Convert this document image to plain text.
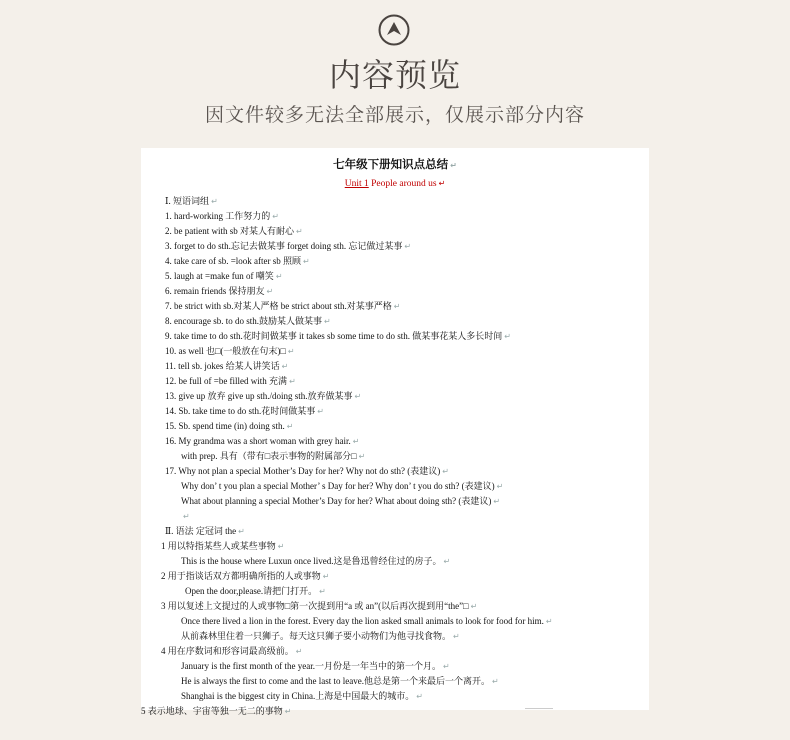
内容预览
因文件较多无法全部展示，仅展示部分内容
七年级下册知识点总结 ↵
Unit 1 People around us ↵
Ⅰ. 短语词组 ↵
1. hard-working 工作努力的 ↵
2. be patient with sb 对某人有耐心 ↵
3. forget to do sth.忘记去做某事 forget doing sth. 忘记做过某事 ↵
4. take care of sb. =look after sb 照顾 ↵
5. laugh at =make fun of 嘲笑 ↵
6. remain friends 保持朋友 ↵
7. be strict with sb.对某人严格 be strict about sth.对某事严格 ↵
8. encourage sb. to do sth.鼓励某人做某事 ↵
9. take time to do sth.花时间做某事 it takes sb some time to do sth. 做某事花某人多长时间 ↵
10. as well 也□(一般放在句末)□ ↵
11. tell sb. jokes 给某人讲笑话 ↵
12. be full of =be filled with 充满 ↵
13. give up 放弃 give up sth./doing sth.放弃做某事 ↵
14. Sb. take time to do sth.花时间做某事 ↵
15. Sb. spend time (in) doing sth. ↵
16. My grandma was a short woman with grey hair. ↵
with prep. 具有（带有□表示事物的附属部分□ ↵
17. Why not plan a special Mother’s Day for her? Why not do sth? (表建议) ↵
Why don’ t you plan a special Mother’ s Day for her? Why don’ t you do sth? (表建议) ↵
What about planning a special Mother’s Day for her? What about doing sth? (表建议) ↵
↵
Ⅱ. 语法 定冠词 the ↵
1 用以特指某些人或某些事物 ↵
This is the house where Luxun once lived.这是鲁迅曾经住过的房子。 ↵
2 用于指谈话双方都明确所指的人或事物 ↵
Open the door,please.请把门打开。 ↵
3 用以复述上文提过的人或事物□第一次提到用“a 或 an”(以后再次提到用“the”□ ↵
Once there lived a lion in the forest. Every day the lion asked small animals to look for food for him. ↵
从前森林里住着一只狮子。每天这只狮子要小动物们为他寻找食物。 ↵
4 用在序数词和形容词最高级前。 ↵
January is the first month of the year.一月份是一年当中的第一个月。 ↵
He is always the first to come and the last to leave.他总是第一个来最后一个离开。 ↵
Shanghai is the biggest city in China.上海是中国最大的城市。 ↵
5 表示地球、宇宙等独一无二的事物 ↵
